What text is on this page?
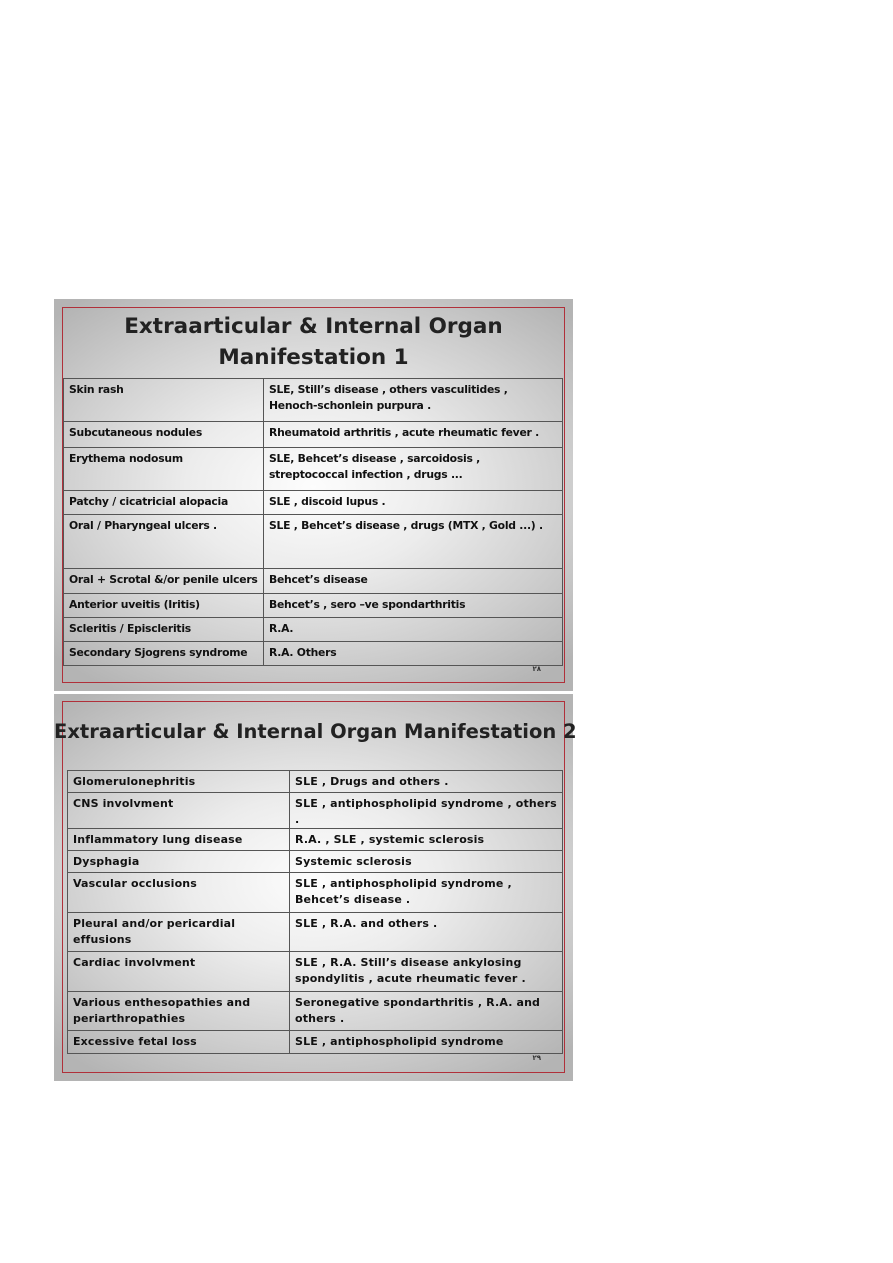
Extraarticular & Internal Organ
Manifestation 1
Skin rash	SLE, Still’s disease , others vasculitides , Henoch-schonlein purpura .
Subcutaneous nodules	Rheumatoid arthritis , acute rheumatic fever .
Erythema nodosum	SLE, Behcet’s disease , sarcoidosis , streptococcal infection , drugs ...
Patchy / cicatricial alopacia	SLE , discoid lupus .
Oral / Pharyngeal ulcers .	SLE , Behcet’s disease , drugs (MTX , Gold ...) .
Oral + Scrotal &/or penile ulcers	Behcet’s disease
Anterior uveitis (Iritis)	Behcet’s , sero –ve spondarthritis
Scleritis / Episcleritis	R.A.
Secondary Sjogrens syndrome	R.A. Others
٢٨
Extraarticular & Internal Organ Manifestation 2
Glomerulonephritis	SLE , Drugs and others .
CNS involvment	SLE , antiphospholipid syndrome , others .
Inflammatory lung disease	R.A. , SLE , systemic sclerosis
Dysphagia	Systemic sclerosis
Vascular occlusions	SLE , antiphospholipid syndrome , Behcet’s disease .
Pleural and/or pericardial effusions	SLE , R.A. and others .
Cardiac involvment	SLE , R.A. Still’s disease ankylosing spondylitis , acute rheumatic fever .
Various enthesopathies and periarthropathies	Seronegative spondarthritis , R.A. and others .
Excessive fetal loss	SLE , antiphospholipid syndrome
٢٩
